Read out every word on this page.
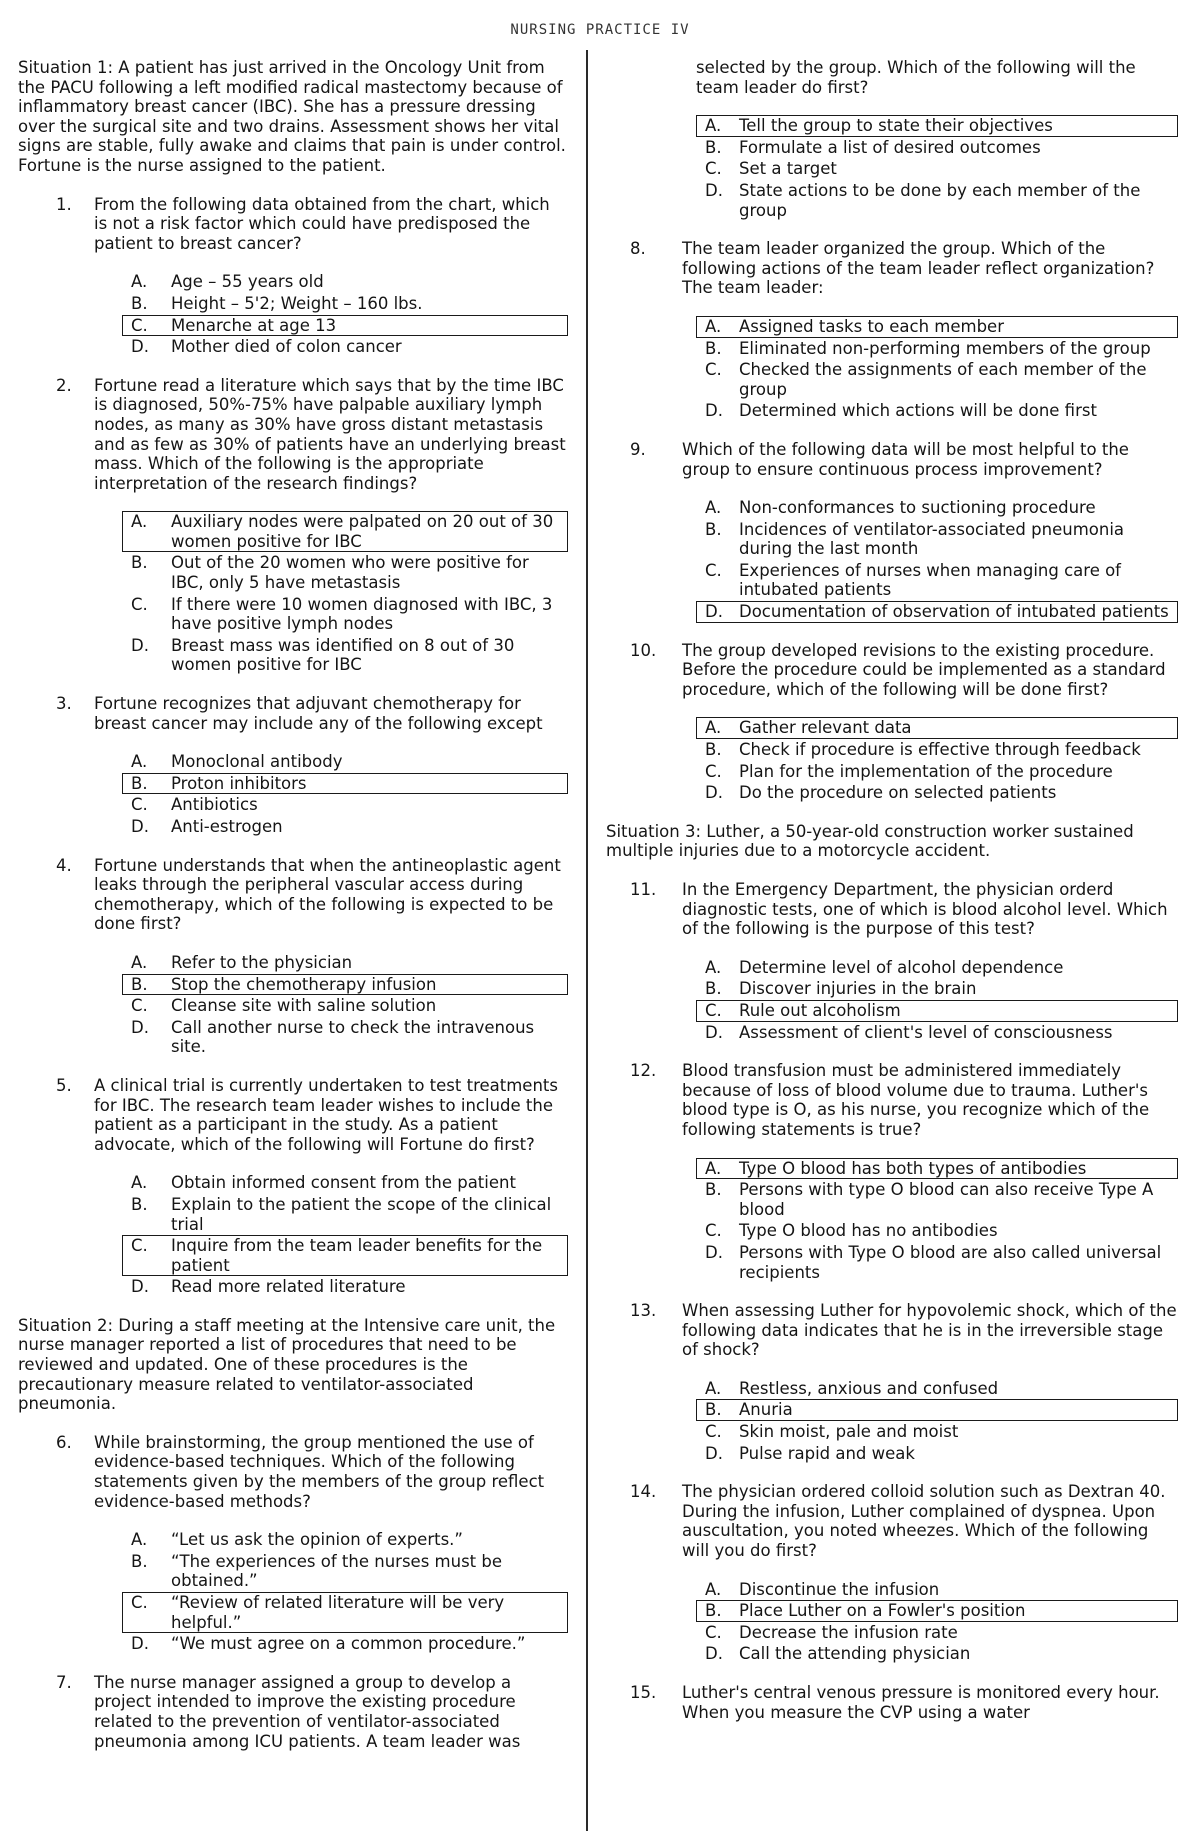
NURSING PRACTICE IV
Situation 1: A patient has just arrived in the Oncology Unit from the PACU following a left modified radical mastectomy because of inflammatory breast cancer (IBC). She has a pressure dressing over the surgical site and two drains. Assessment shows her vital signs are stable, fully awake and claims that pain is under control. Fortune is the nurse assigned to the patient.
1.	From the following data obtained from the chart, which is not a risk factor which could have predisposed the patient to breast cancer?
A.	Age – 55 years old
B.	Height – 5'2; Weight – 160 lbs.
C.	Menarche at age 13
D.	Mother died of colon cancer
2.	Fortune read a literature which says that by the time IBC is diagnosed, 50%-75% have palpable auxiliary lymph nodes, as many as 30% have gross distant metastasis and as few as 30% of patients have an underlying breast mass. Which of the following is the appropriate interpretation of the research findings?
A.	Auxiliary nodes were palpated on 20 out of 30 women positive for IBC
B.	Out of the 20 women who were positive for IBC, only 5 have metastasis
C.	If there were 10 women diagnosed with IBC, 3 have positive lymph nodes
D.	Breast mass was identified on 8 out of 30 women positive for IBC
3.	Fortune recognizes that adjuvant chemotherapy for breast cancer may include any of the following except
A.	Monoclonal antibody
B.	Proton inhibitors
C.	Antibiotics
D.	Anti-estrogen
4.	Fortune understands that when the antineoplastic agent leaks through the peripheral vascular access during chemotherapy, which of the following is expected to be done first?
A.	Refer to the physician
B.	Stop the chemotherapy infusion
C.	Cleanse site with saline solution
D.	Call another nurse to check the intravenous site.
5.	A clinical trial is currently undertaken to test treatments for IBC. The research team leader wishes to include the patient as a participant in the study. As a patient advocate, which of the following will Fortune do first?
A.	Obtain informed consent from the patient
B.	Explain to the patient the scope of the clinical trial
C.	Inquire from the team leader benefits for the patient
D.	Read more related literature
Situation 2: During a staff meeting at the Intensive care unit, the nurse manager reported a list of procedures that need to be reviewed and updated. One of these procedures is the precautionary measure related to ventilator-associated pneumonia.
6.	While brainstorming, the group mentioned the use of evidence-based techniques. Which of the following statements given by the members of the group reflect evidence-based methods?
A.	“Let us ask the opinion of experts.”
B.	“The experiences of the nurses must be obtained.”
C.	“Review of related literature will be very helpful.”
D.	“We must agree on a common procedure.”
7.	The nurse manager assigned a group to develop a project intended to improve the existing procedure related to the prevention of ventilator-associated pneumonia among ICU patients. A team leader was
selected by the group. Which of the following will the team leader do first?
A.	Tell the group to state their objectives
B.	Formulate a list of desired outcomes
C.	Set a target
D. State actions to be done by each member of the group
8.	The team leader organized the group. Which of the following actions of the team leader reflect organization? The team leader:
A.	Assigned tasks to each member
B.	Eliminated non-performing members of the group
C.	Checked the assignments of each member of the group
D. Determined which actions will be done first
9.	Which of the following data will be most helpful to the group to ensure continuous process improvement?
A.	Non-conformances to suctioning procedure
B.	Incidences of ventilator-associated pneumonia during the last month
C.	Experiences of nurses when managing care of intubated patients
D. Documentation of observation of intubated patients
10.	The group developed revisions to the existing procedure. Before the procedure could be implemented as a standard procedure, which of the following will be done first?
A.	Gather relevant data
B.	Check if procedure is effective through feedback
C.	Plan for the implementation of the procedure
D. Do the procedure on selected patients
Situation 3: Luther, a 50-year-old construction worker sustained multiple injuries due to a motorcycle accident.
11.	In the Emergency Department, the physician orderd diagnostic tests, one of which is blood alcohol level. Which of the following is the purpose of this test?
A.	Determine level of alcohol dependence
B.	Discover injuries in the brain
C.	Rule out alcoholism
D. Assessment of client's level of consciousness
12.	Blood transfusion must be administered immediately because of loss of blood volume due to trauma. Luther's blood type is O, as his nurse, you recognize which of the following statements is true?
A.	Type O blood has both types of antibodies
B.	Persons with type O blood can also receive Type A blood
C.	Type O blood has no antibodies
D. Persons with Type O blood are also called universal recipients
13.	When assessing Luther for hypovolemic shock, which of the following data indicates that he is in the irreversible stage of shock?
A.	Restless, anxious and confused
B.	Anuria
C.	Skin moist, pale and moist
D. Pulse rapid and weak
14.	The physician ordered colloid solution such as Dextran 40. During the infusion, Luther complained of dyspnea. Upon auscultation, you noted wheezes. Which of the following will you do first?
A.	Discontinue the infusion
B.	Place Luther on a Fowler's position
C.	Decrease the infusion rate
D. Call the attending physician
15.	Luther's central venous pressure is monitored every hour. When you measure the CVP using a water
